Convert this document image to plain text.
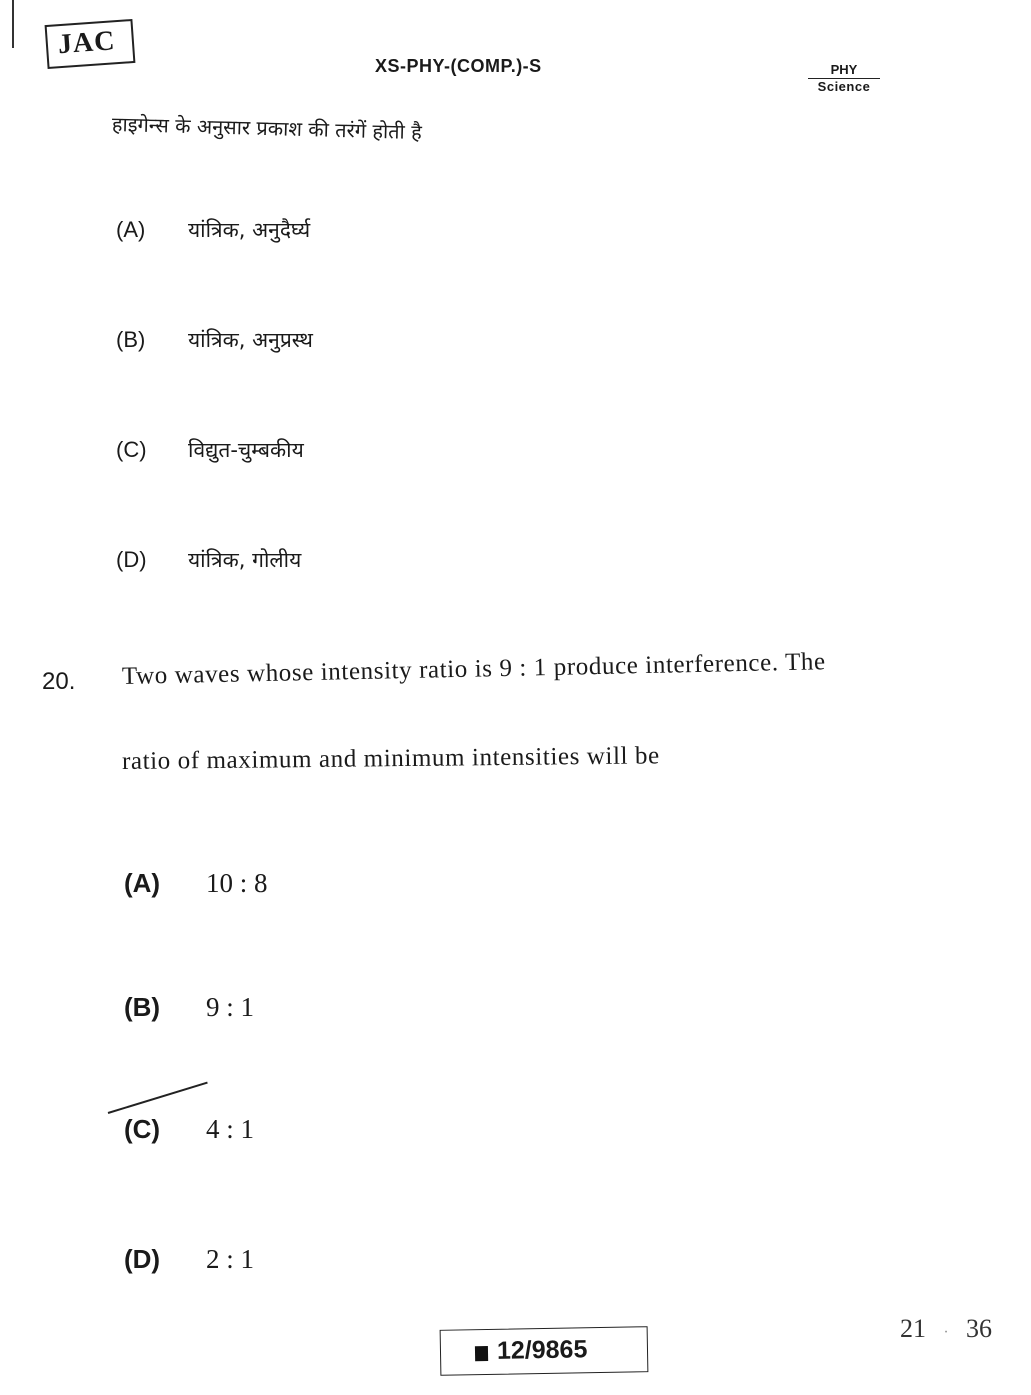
JAC
XS-PHY-(COMP.)-S	PHY
Science
हाइगेन्स के अनुसार प्रकाश की तरंगें होती है
(A) यांत्रिक, अनुदैर्घ्य
(B) यांत्रिक, अनुप्रस्थ
(C) विद्युत-चुम्बकीय
(D) यांत्रिक, गोलीय
20. Two waves whose intensity ratio is 9 : 1 produce interference. The
ratio of maximum and minimum intensities will be
(A) 10 : 8
(B) 9 : 1
(C) 4 : 1
(D) 2 : 1
21 · 36
12/9865
